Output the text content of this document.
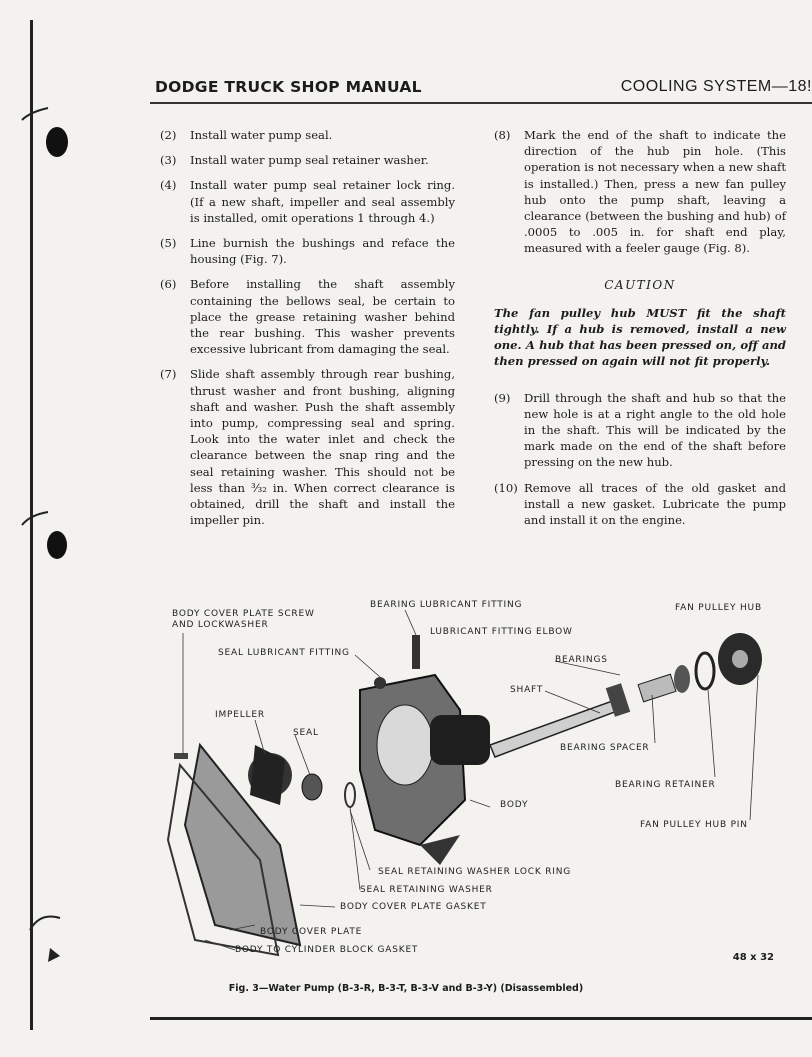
DODGE TRUCK SHOP MANUAL	COOLING SYSTEM—18!
(2) Install water pump seal.
(3) Install water pump seal retainer washer.
(4) Install water pump seal retainer lock ring. (If a new shaft, impeller and seal assembly is installed, omit operations 1 through 4.)
(5) Line burnish the bushings and reface the housing (Fig. 7).
(6) Before installing the shaft assembly containing the bellows seal, be certain to place the grease retaining washer behind the rear bushing. This washer prevents excessive lubricant from damaging the seal.
(7) Slide shaft assembly through rear bushing, thrust washer and front bushing, aligning shaft and washer. Push the shaft assembly into pump, compressing seal and spring. Look into the water inlet and check the clearance between the snap ring and the seal retaining washer. This should not be less than ³⁄₃₂ in. When correct clearance is obtained, drill the shaft and install the impeller pin.
(8) Mark the end of the shaft to indicate the direction of the hub pin hole. (This operation is not necessary when a new shaft is installed.) Then, press a new fan pulley hub onto the pump shaft, leaving a clearance (between the bushing and hub) of .0005 to .005 in. for shaft end play, measured with a feeler gauge (Fig. 8).
CAUTION
The fan pulley hub MUST fit the shaft tightly. If a hub is removed, install a new one. A hub that has been pressed on, off and then pressed on again will not fit properly.
(9) Drill through the shaft and hub so that the new hole is at a right angle to the old hole in the shaft. This will be indicated by the mark made on the end of the shaft before pressing on the new hub.
(10) Remove all traces of the old gasket and install a new gasket. Lubricate the pump and install it on the engine.
BODY COVER PLATE SCREW
AND LOCKWASHER
BEARING LUBRICANT FITTING	FAN PULLEY HUB
LUBRICANT FITTING ELBOW
SEAL LUBRICANT FITTING
BEARINGS
SHAFT
IMPELLER
SEAL
BEARING SPACER
BEARING RETAINER
BODY
FAN PULLEY HUB PIN
SEAL RETAINING WASHER LOCK RING
SEAL RETAINING WASHER
BODY COVER PLATE GASKET
BODY COVER PLATE
BODY TO CYLINDER BLOCK GASKET
48 x 32
Fig. 3—Water Pump (B-3-R, B-3-T, B-3-V and B-3-Y) (Disassembled)
